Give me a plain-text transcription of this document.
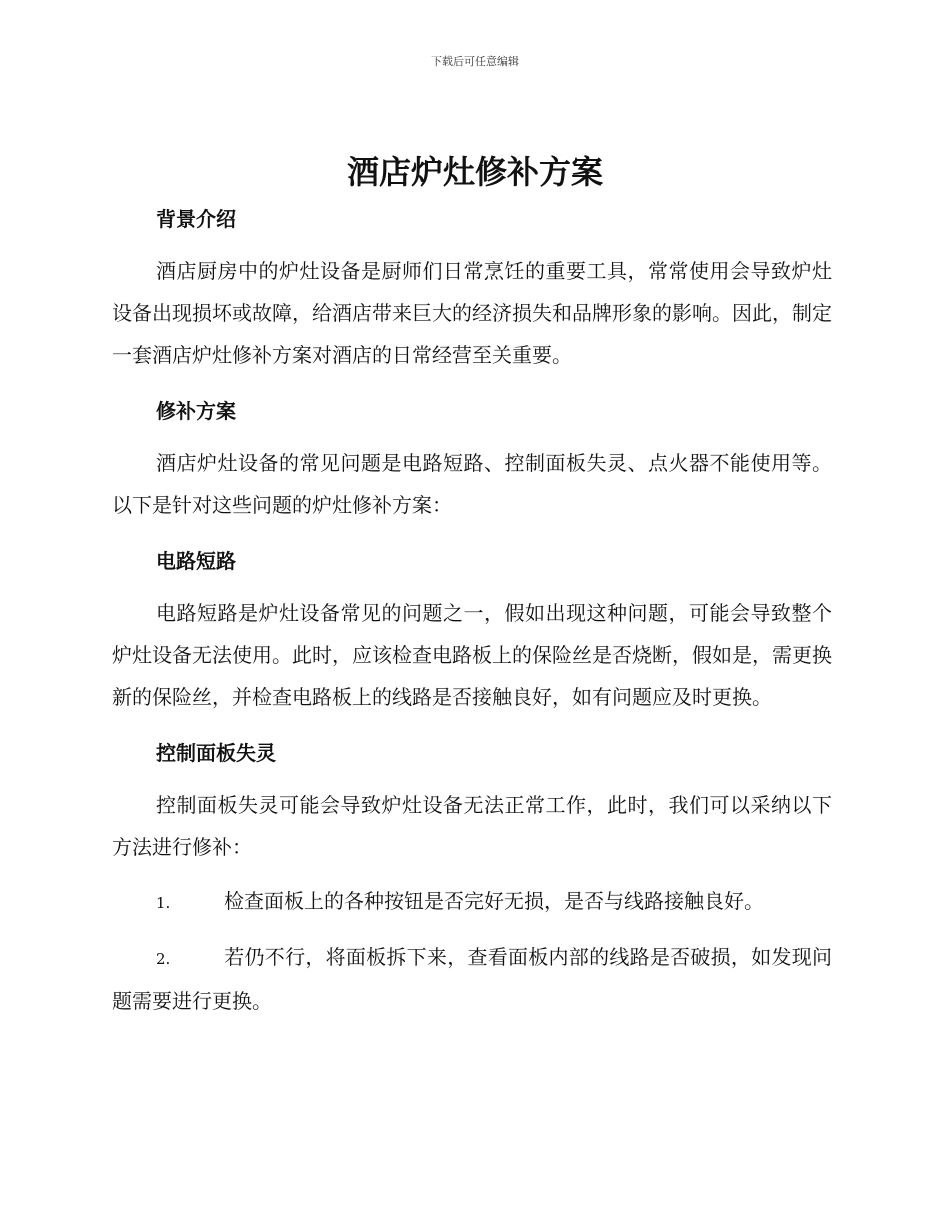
下载后可任意编辑
酒店炉灶修补方案
背景介绍

酒店厨房中的炉灶设备是厨师们日常烹饪的重要工具，常常使用会导致炉灶设备出现损坏或故障，给酒店带来巨大的经济损失和品牌形象的影响。因此，制定一套酒店炉灶修补方案对酒店的日常经营至关重要。

修补方案

酒店炉灶设备的常见问题是电路短路、控制面板失灵、点火器不能使用等。以下是针对这些问题的炉灶修补方案：

电路短路

电路短路是炉灶设备常见的问题之一，假如出现这种问题，可能会导致整个炉灶设备无法使用。此时，应该检查电路板上的保险丝是否烧断，假如是，需更换新的保险丝，并检查电路板上的线路是否接触良好，如有问题应及时更换。

控制面板失灵

控制面板失灵可能会导致炉灶设备无法正常工作，此时，我们可以采纳以下方法进行修补：

1.	检查面板上的各种按钮是否完好无损，是否与线路接触良好。

2.	若仍不行，将面板拆下来，查看面板内部的线路是否破损，如发现问题需要进行更换。
